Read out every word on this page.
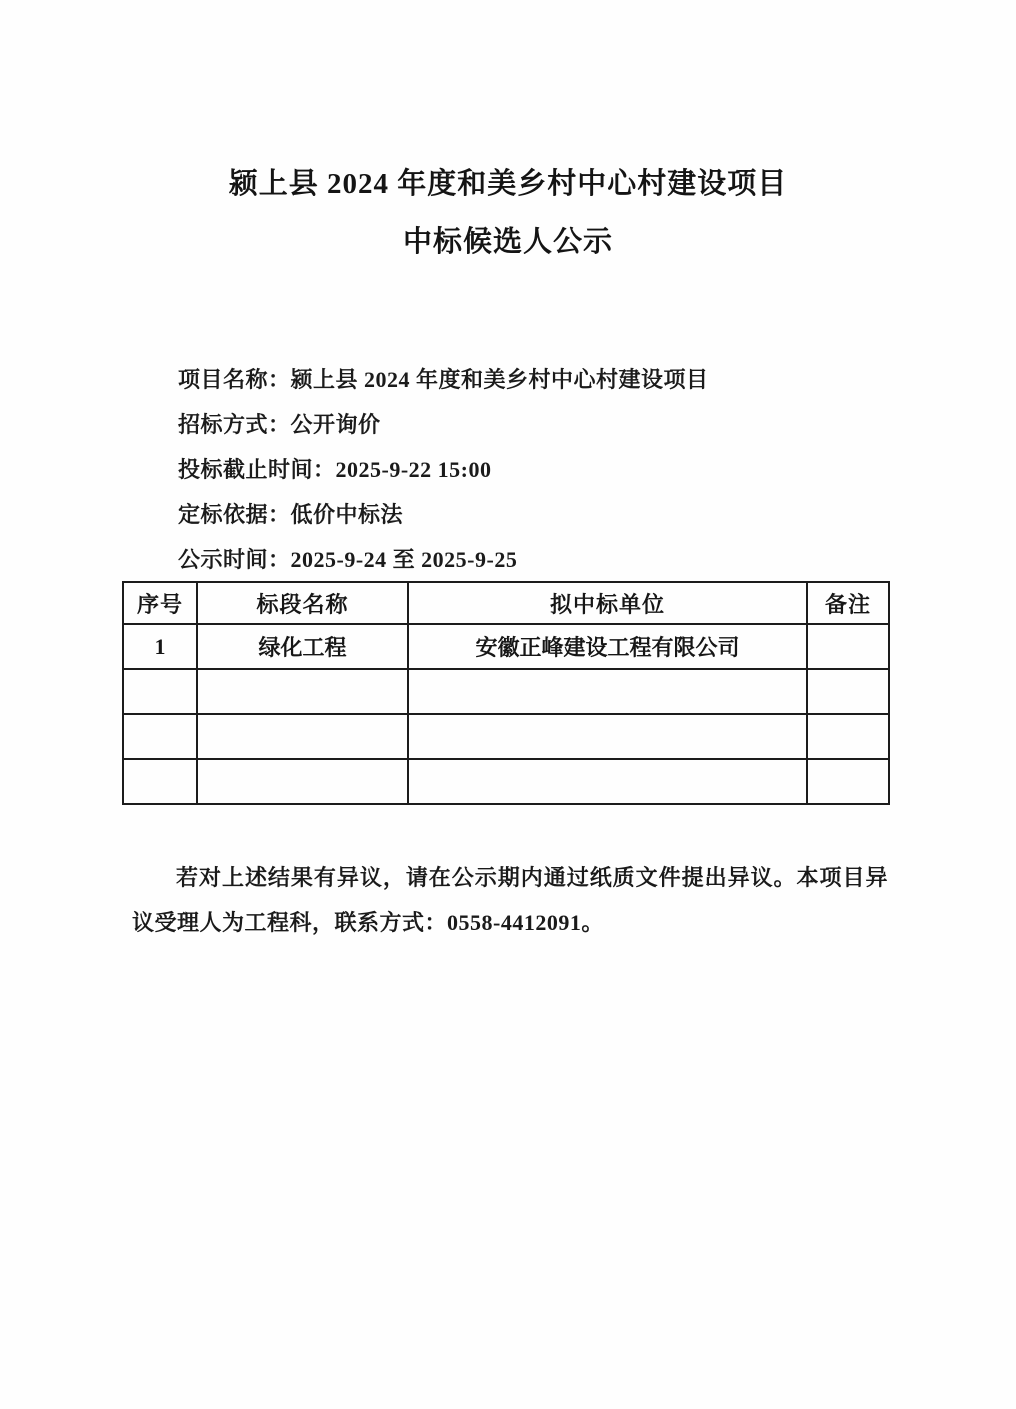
颍上县 2024 年度和美乡村中心村建设项目
中标候选人公示

项目名称：颍上县 2024 年度和美乡村中心村建设项目

招标方式：公开询价

投标截止时间：2025-9-22 15:00

定标依据：低价中标法

公示时间：2025-9-24 至 2025-9-25

序号	标段名称	拟中标单位	备注
1	绿化工程	安徽正峰建设工程有限公司	

若对上述结果有异议，请在公示期内通过纸质文件提出异议。本项目异议受理人为工程科，联系方式：0558-4412091。
